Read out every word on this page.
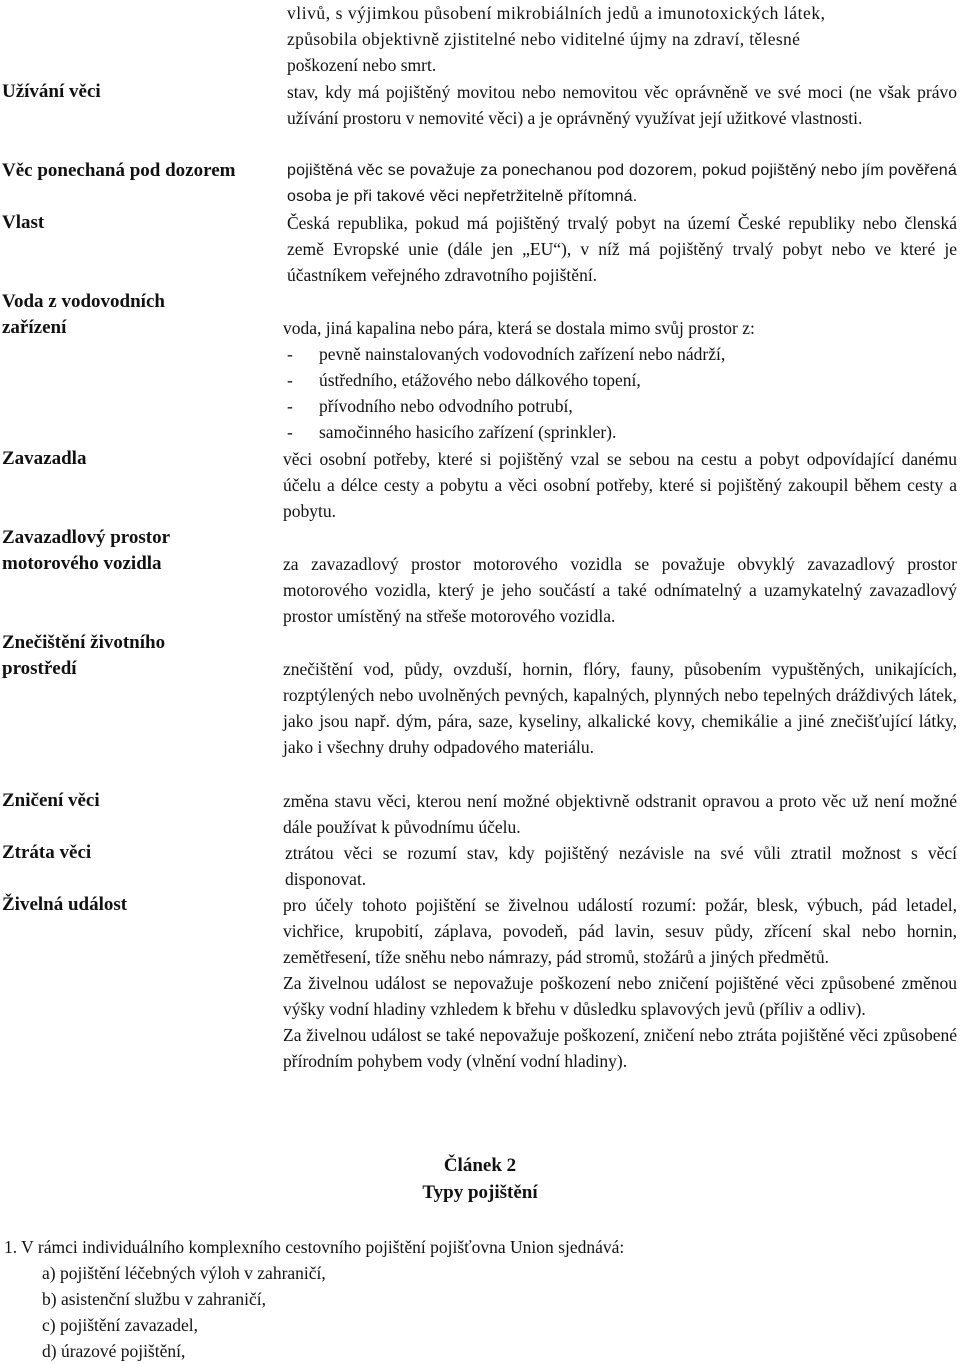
vlivů, s výjimkou působení mikrobiálních jedů a imunotoxických látek,
způsobila objektivně zjistitelné nebo viditelné újmy na zdraví, tělesné
poškození nebo smrt.
Užívání věci	stav, kdy má pojištěný movitou nebo nemovitou věc oprávněně ve své moci (ne však právo užívání prostoru v nemovité věci) a je oprávněný využívat její užitkové vlastnosti.
Věc ponechaná pod dozorem	pojištěná věc se považuje za ponechanou pod dozorem, pokud pojištěný nebo jím pověřená osoba je při takové věci nepřetržitelně přítomná.
Vlast	Česká republika, pokud má pojištěný trvalý pobyt na území České republiky nebo členská země Evropské unie (dále jen „EU“), v níž má pojištěný trvalý pobyt nebo ve které je účastníkem veřejného zdravotního pojištění.
Voda z vodovodních zařízení	voda, jiná kapalina nebo pára, která se dostala mimo svůj prostor z:
- pevně nainstalovaných vodovodních zařízení nebo nádrží,
- ústředního, etážového nebo dálkového topení,
- přívodního nebo odvodního potrubí,
- samočinného hasicího zařízení (sprinkler).
Zavazadla	věci osobní potřeby, které si pojištěný vzal se sebou na cestu a pobyt odpovídající danému účelu a délce cesty a pobytu a věci osobní potřeby, které si pojištěný zakoupil během cesty a pobytu.
Zavazadlový prostor motorového vozidla	za zavazadlový prostor motorového vozidla se považuje obvyklý zavazadlový prostor motorového vozidla, který je jeho součástí a také odnímatelný a uzamykatelný zavazadlový prostor umístěný na střeše motorového vozidla.
Znečištění životního prostředí	znečištění vod, půdy, ovzduší, hornin, flóry, fauny, působením vypuštěných, unikajících, rozptýlených nebo uvolněných pevných, kapalných, plynných nebo tepelných dráždivých látek, jako jsou např. dým, pára, saze, kyseliny, alkalické kovy, chemikálie a jiné znečišťující látky, jako i všechny druhy odpadového materiálu.
Zničení věci	změna stavu věci, kterou není možné objektivně odstranit opravou a proto věc už není možné dále používat k původnímu účelu.
Ztráta věci	ztrátou věci se rozumí stav, kdy pojištěný nezávisle na své vůli ztratil možnost s věcí disponovat.
Živelná událost	pro účely tohoto pojištění se živelnou událostí rozumí: požár, blesk, výbuch, pád letadel, vichřice, krupobití, záplava, povodeň, pád lavin, sesuv půdy, zřícení skal nebo hornin, zemětřesení, tíže sněhu nebo námrazy, pád stromů, stožárů a jiných předmětů.
Za živelnou událost se nepovažuje poškození nebo zničení pojištěné věci způsobené změnou výšky vodní hladiny vzhledem k břehu v důsledku splavových jevů (příliv a odliv).
Za živelnou událost se také nepovažuje poškození, zničení nebo ztráta pojištěné věci způsobené přírodním pohybem vody (vlnění vodní hladiny).
Článek 2
Typy pojištění
1. V rámci individuálního komplexního cestovního pojištění pojišťovna Union sjednává:
a) pojištění léčebných výloh v zahraničí,
b) asistenční službu v zahraničí,
c) pojištění zavazadel,
d) úrazové pojištění,
